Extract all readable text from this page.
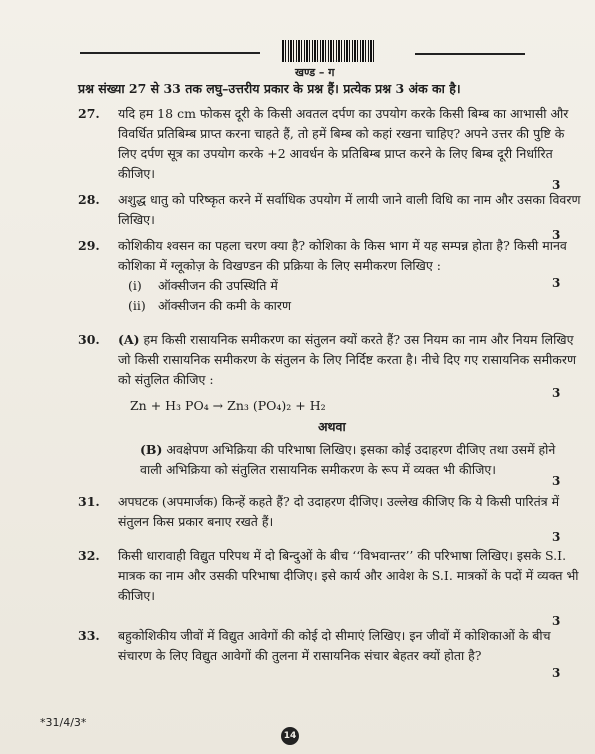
खण्ड – ग
प्रश्न संख्या 27 से 33 तक लघु–उत्तरीय प्रकार के प्रश्न हैं। प्रत्येक प्रश्न 3 अंक का है।
27. यदि हम 18 cm फोकस दूरी के किसी अवतल दर्पण का उपयोग करके किसी बिम्ब का आभासी और विवर्धित प्रतिबिम्ब प्राप्त करना चाहते हैं, तो हमें बिम्ब को कहां रखना चाहिए? अपने उत्तर की पुष्टि के लिए दर्पण सूत्र का उपयोग करके +2 आवर्धन के प्रतिबिम्ब प्राप्त करने के लिए बिम्ब दूरी निर्धारित कीजिए।
3
28. अशुद्ध धातु को परिष्कृत करने में सर्वाधिक उपयोग में लायी जाने वाली विधि का नाम और उसका विवरण लिखिए।
3
29. कोशिकीय श्वसन का पहला चरण क्या है? कोशिका के किस भाग में यह सम्पन्न होता है? किसी मानव कोशिका में ग्लूकोज़ के विखण्डन की प्रक्रिया के लिए समीकरण लिखिए :
(i) ऑक्सीजन की उपस्थिति में
(ii) ऑक्सीजन की कमी के कारण
3
30. (A) हम किसी रासायनिक समीकरण का संतुलन क्यों करते हैं? उस नियम का नाम और नियम लिखिए जो किसी रासायनिक समीकरण के संतुलन के लिए निर्दिष्ट करता है। नीचे दिए गए रासायनिक समीकरण को संतुलित कीजिए :
Zn + H₃ PO₄ → Zn₃ (PO₄)₂ + H₂
3
अथवा
(B) अवक्षेपण अभिक्रिया की परिभाषा लिखिए। इसका कोई उदाहरण दीजिए तथा उसमें होने वाली अभिक्रिया को संतुलित रासायनिक समीकरण के रूप में व्यक्त भी कीजिए।
3
31. अपघटक (अपमार्जक) किन्हें कहते हैं? दो उदाहरण दीजिए। उल्लेख कीजिए कि ये किसी पारितंत्र में संतुलन किस प्रकार बनाए रखते हैं।
3
32. किसी धारावाही विद्युत परिपथ में दो बिन्दुओं के बीच ‘‘विभवान्तर’’ की परिभाषा लिखिए। इसके S.I. मात्रक का नाम और उसकी परिभाषा दीजिए। इसे कार्य और आवेश के S.I. मात्रकों के पदों में व्यक्त भी कीजिए।
3
33. बहुकोशिकीय जीवों में विद्युत आवेगों की कोई दो सीमाएं लिखिए। इन जीवों में कोशिकाओं के बीच संचारण के लिए विद्युत आवेगों की तुलना में रासायनिक संचार बेहतर क्यों होता है?
3
*31/4/3*
14
